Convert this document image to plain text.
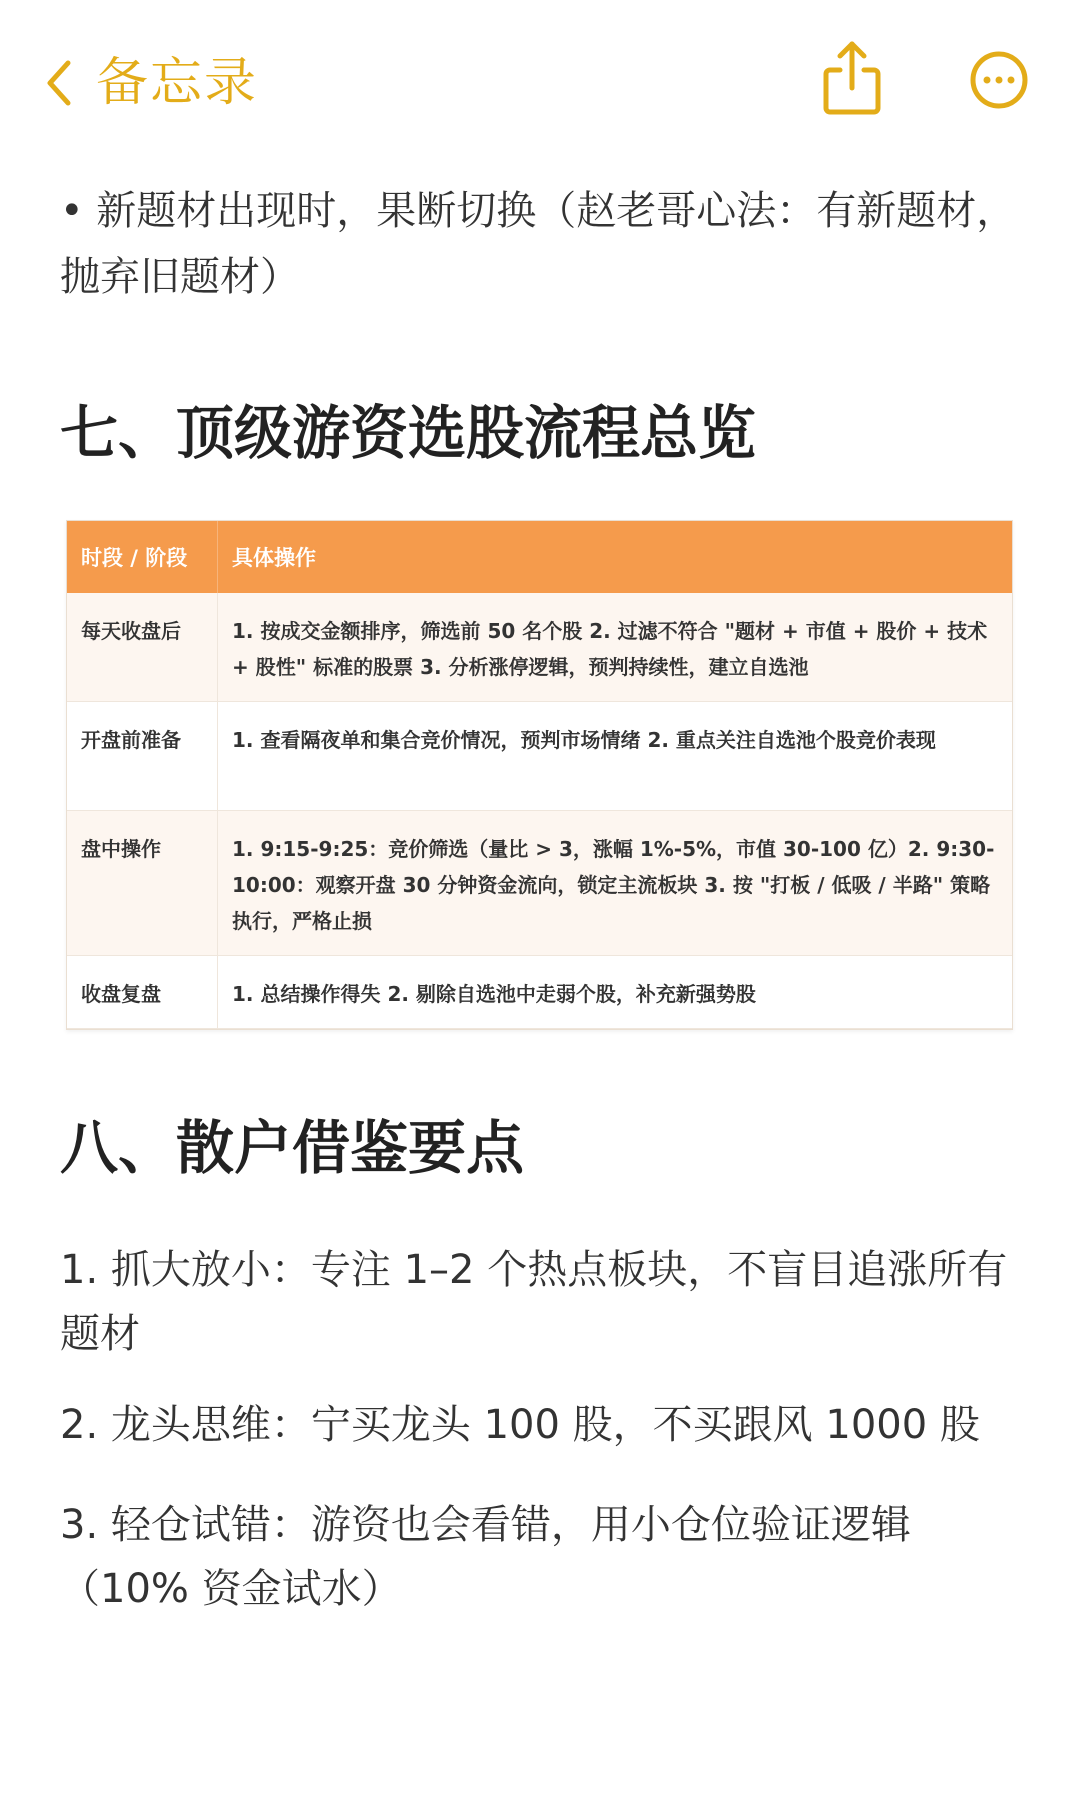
备忘录

• 新题材出现时，果断切换（赵老哥心法：有新题材，抛弃旧题材）

七、顶级游资选股流程总览
时段 / 阶段	具体操作
每天收盘后	1. 按成交金额排序，筛选前 50 名个股 2. 过滤不符合 "题材 + 市值 + 股价 + 技术 + 股性" 标准的股票 3. 分析涨停逻辑，预判持续性，建立自选池
开盘前准备	1. 查看隔夜单和集合竞价情况，预判市场情绪 2. 重点关注自选池个股竞价表现
盘中操作	1. 9:15-9:25：竞价筛选（量比 > 3，涨幅 1%-5%，市值 30-100 亿）2. 9:30-10:00：观察开盘 30 分钟资金流向，锁定主流板块 3. 按 "打板 / 低吸 / 半路" 策略执行，严格止损
收盘复盘	1. 总结操作得失 2. 剔除自选池中走弱个股，补充新强势股
八、散户借鉴要点

1. 抓大放小：专注 1–2 个热点板块，不盲目追涨所有题材

2. 龙头思维：宁买龙头 100 股，不买跟风 1000 股

3. 轻仓试错：游资也会看错，用小仓位验证逻辑（10% 资金试水）
